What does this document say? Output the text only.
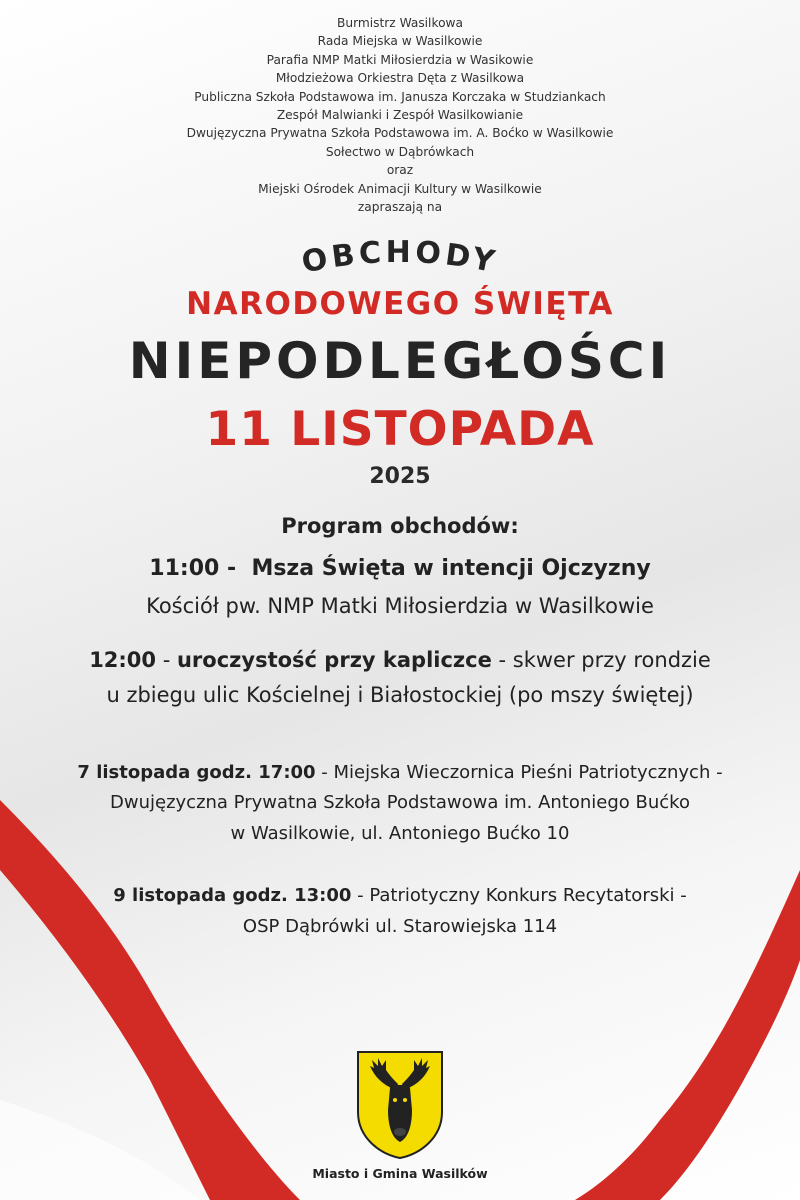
Burmistrz Wasilkowa
Rada Miejska w Wasilkowie
Parafia NMP Matki Miłosierdzia w Wasikowie
Młodzieżowa Orkiestra Dęta z Wasilkowa
Publiczna Szkoła Podstawowa im. Janusza Korczaka w Studziankach
Zespół Malwianki i Zespół Wasilkowianie
Dwujęzyczna Prywatna Szkoła Podstawowa im. A. Boćko w Wasilkowie
Sołectwo w Dąbrówkach
oraz
Miejski Ośrodek Animacji Kultury w Wasilkowie
zapraszają na
OBCHODY
NARODOWEGO ŚWIĘTA
NIEPODLEGŁOŚCI
11 LISTOPADA
2025
Program obchodów:
11:00 - Msza Święta w intencji Ojczyzny
Kościół pw. NMP Matki Miłosierdzia w Wasilkowie
12:00 - uroczystość przy kapliczce - skwer przy rondzie
u zbiegu ulic Kościelnej i Białostockiej (po mszy świętej)
7 listopada godz. 17:00 - Miejska Wieczornica Pieśni Patriotycznych -
Dwujęzyczna Prywatna Szkoła Podstawowa im. Antoniego Bućko
w Wasilkowie, ul. Antoniego Bućko 10
9 listopada godz. 13:00 - Patriotyczny Konkurs Recytatorski -
OSP Dąbrówki ul. Starowiejska 114
Miasto i Gmina Wasilków
